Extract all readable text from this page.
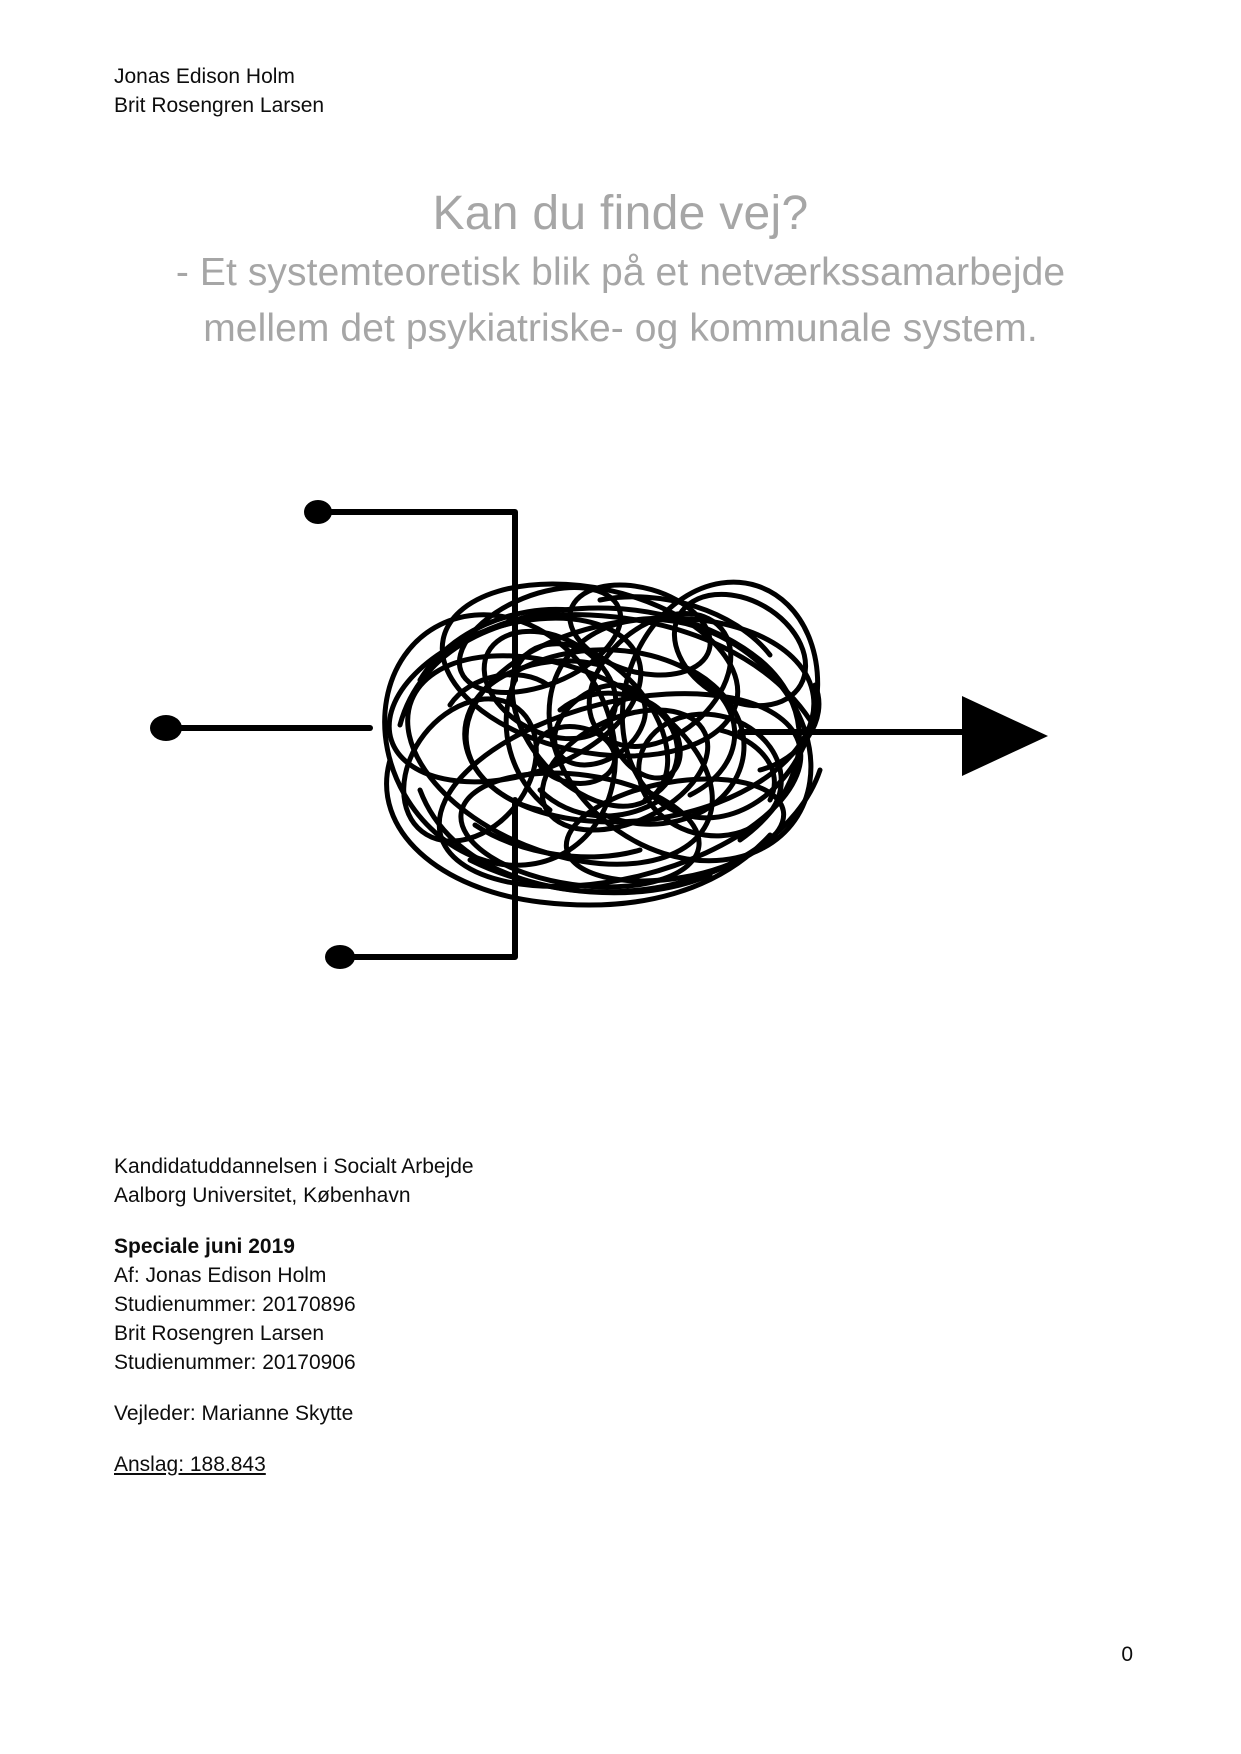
Jonas Edison Holm
Brit Rosengren Larsen
Kan du finde vej?
- Et systemteoretisk blik på et netværkssamarbejde
mellem det psykiatriske- og kommunale system.
Kandidatuddannelsen i Socialt Arbejde
Aalborg Universitet, København
Speciale juni 2019
Af: Jonas Edison Holm
Studienummer: 20170896
Brit Rosengren Larsen
Studienummer: 20170906
Vejleder: Marianne Skytte
Anslag: 188.843
0
